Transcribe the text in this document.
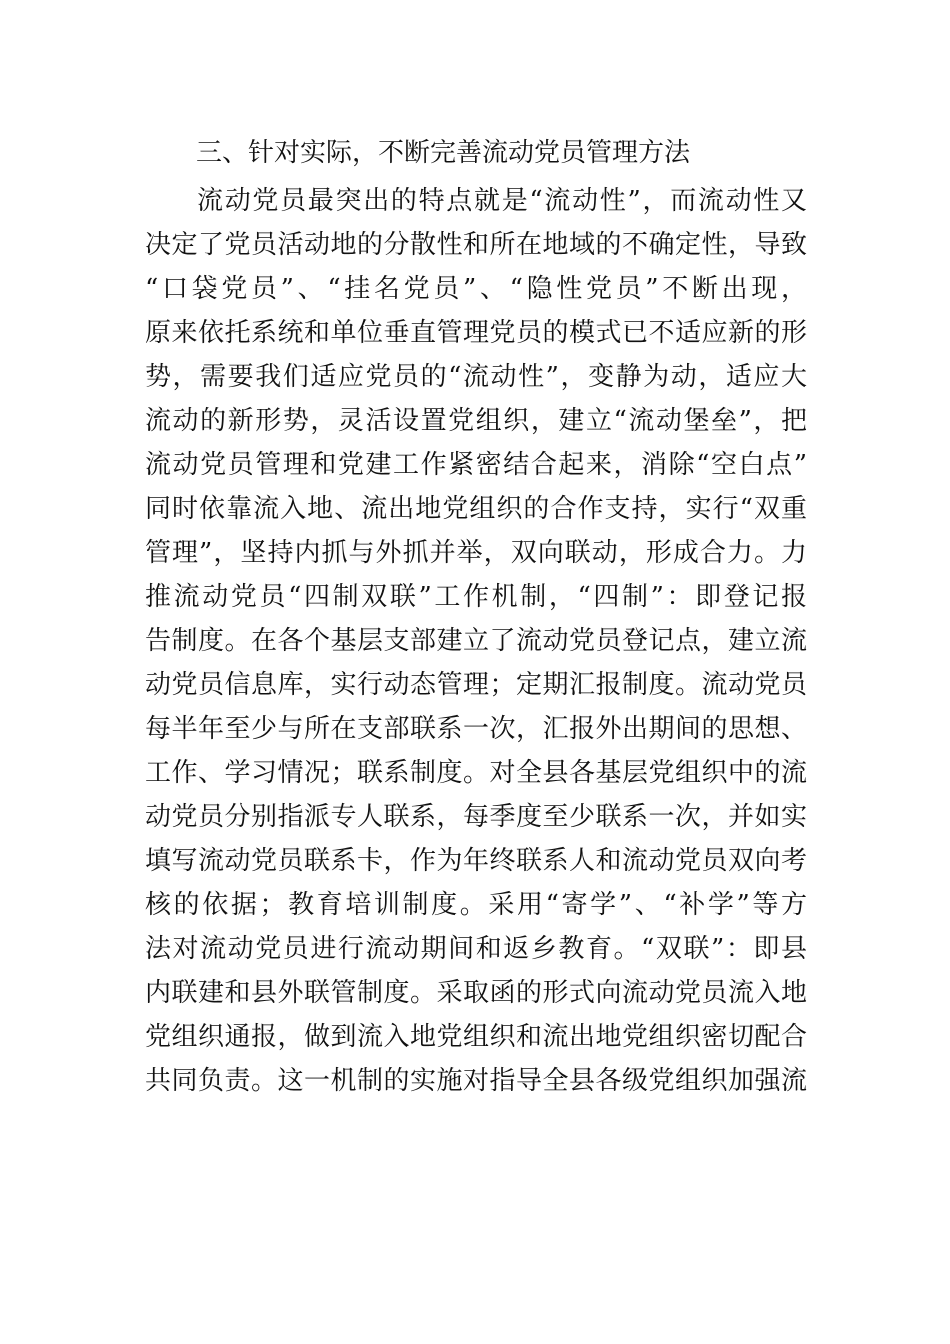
三、针对实际，不断完善流动党员管理方法
流动党员最突出的特点就是“流动性”，而流动性又
决定了党员活动地的分散性和所在地域的不确定性，导致
“口袋党员”、“挂名党员”、“隐性党员”不断出现，
原来依托系统和单位垂直管理党员的模式已不适应新的形
势，需要我们适应党员的“流动性”，变静为动，适应大
流动的新形势，灵活设置党组织，建立“流动堡垒”，把
流动党员管理和党建工作紧密结合起来，消除“空白点”
同时依靠流入地、流出地党组织的合作支持，实行“双重
管理”，坚持内抓与外抓并举，双向联动，形成合力。力
推流动党员“四制双联”工作机制，“四制”：即登记报
告制度。在各个基层支部建立了流动党员登记点，建立流
动党员信息库，实行动态管理；定期汇报制度。流动党员
每半年至少与所在支部联系一次，汇报外出期间的思想、
工作、学习情况；联系制度。对全县各基层党组织中的流
动党员分别指派专人联系，每季度至少联系一次，并如实
填写流动党员联系卡，作为年终联系人和流动党员双向考
核的依据；教育培训制度。采用“寄学”、“补学”等方
法对流动党员进行流动期间和返乡教育。“双联”：即县
内联建和县外联管制度。采取函的形式向流动党员流入地
党组织通报，做到流入地党组织和流出地党组织密切配合
共同负责。这一机制的实施对指导全县各级党组织加强流
